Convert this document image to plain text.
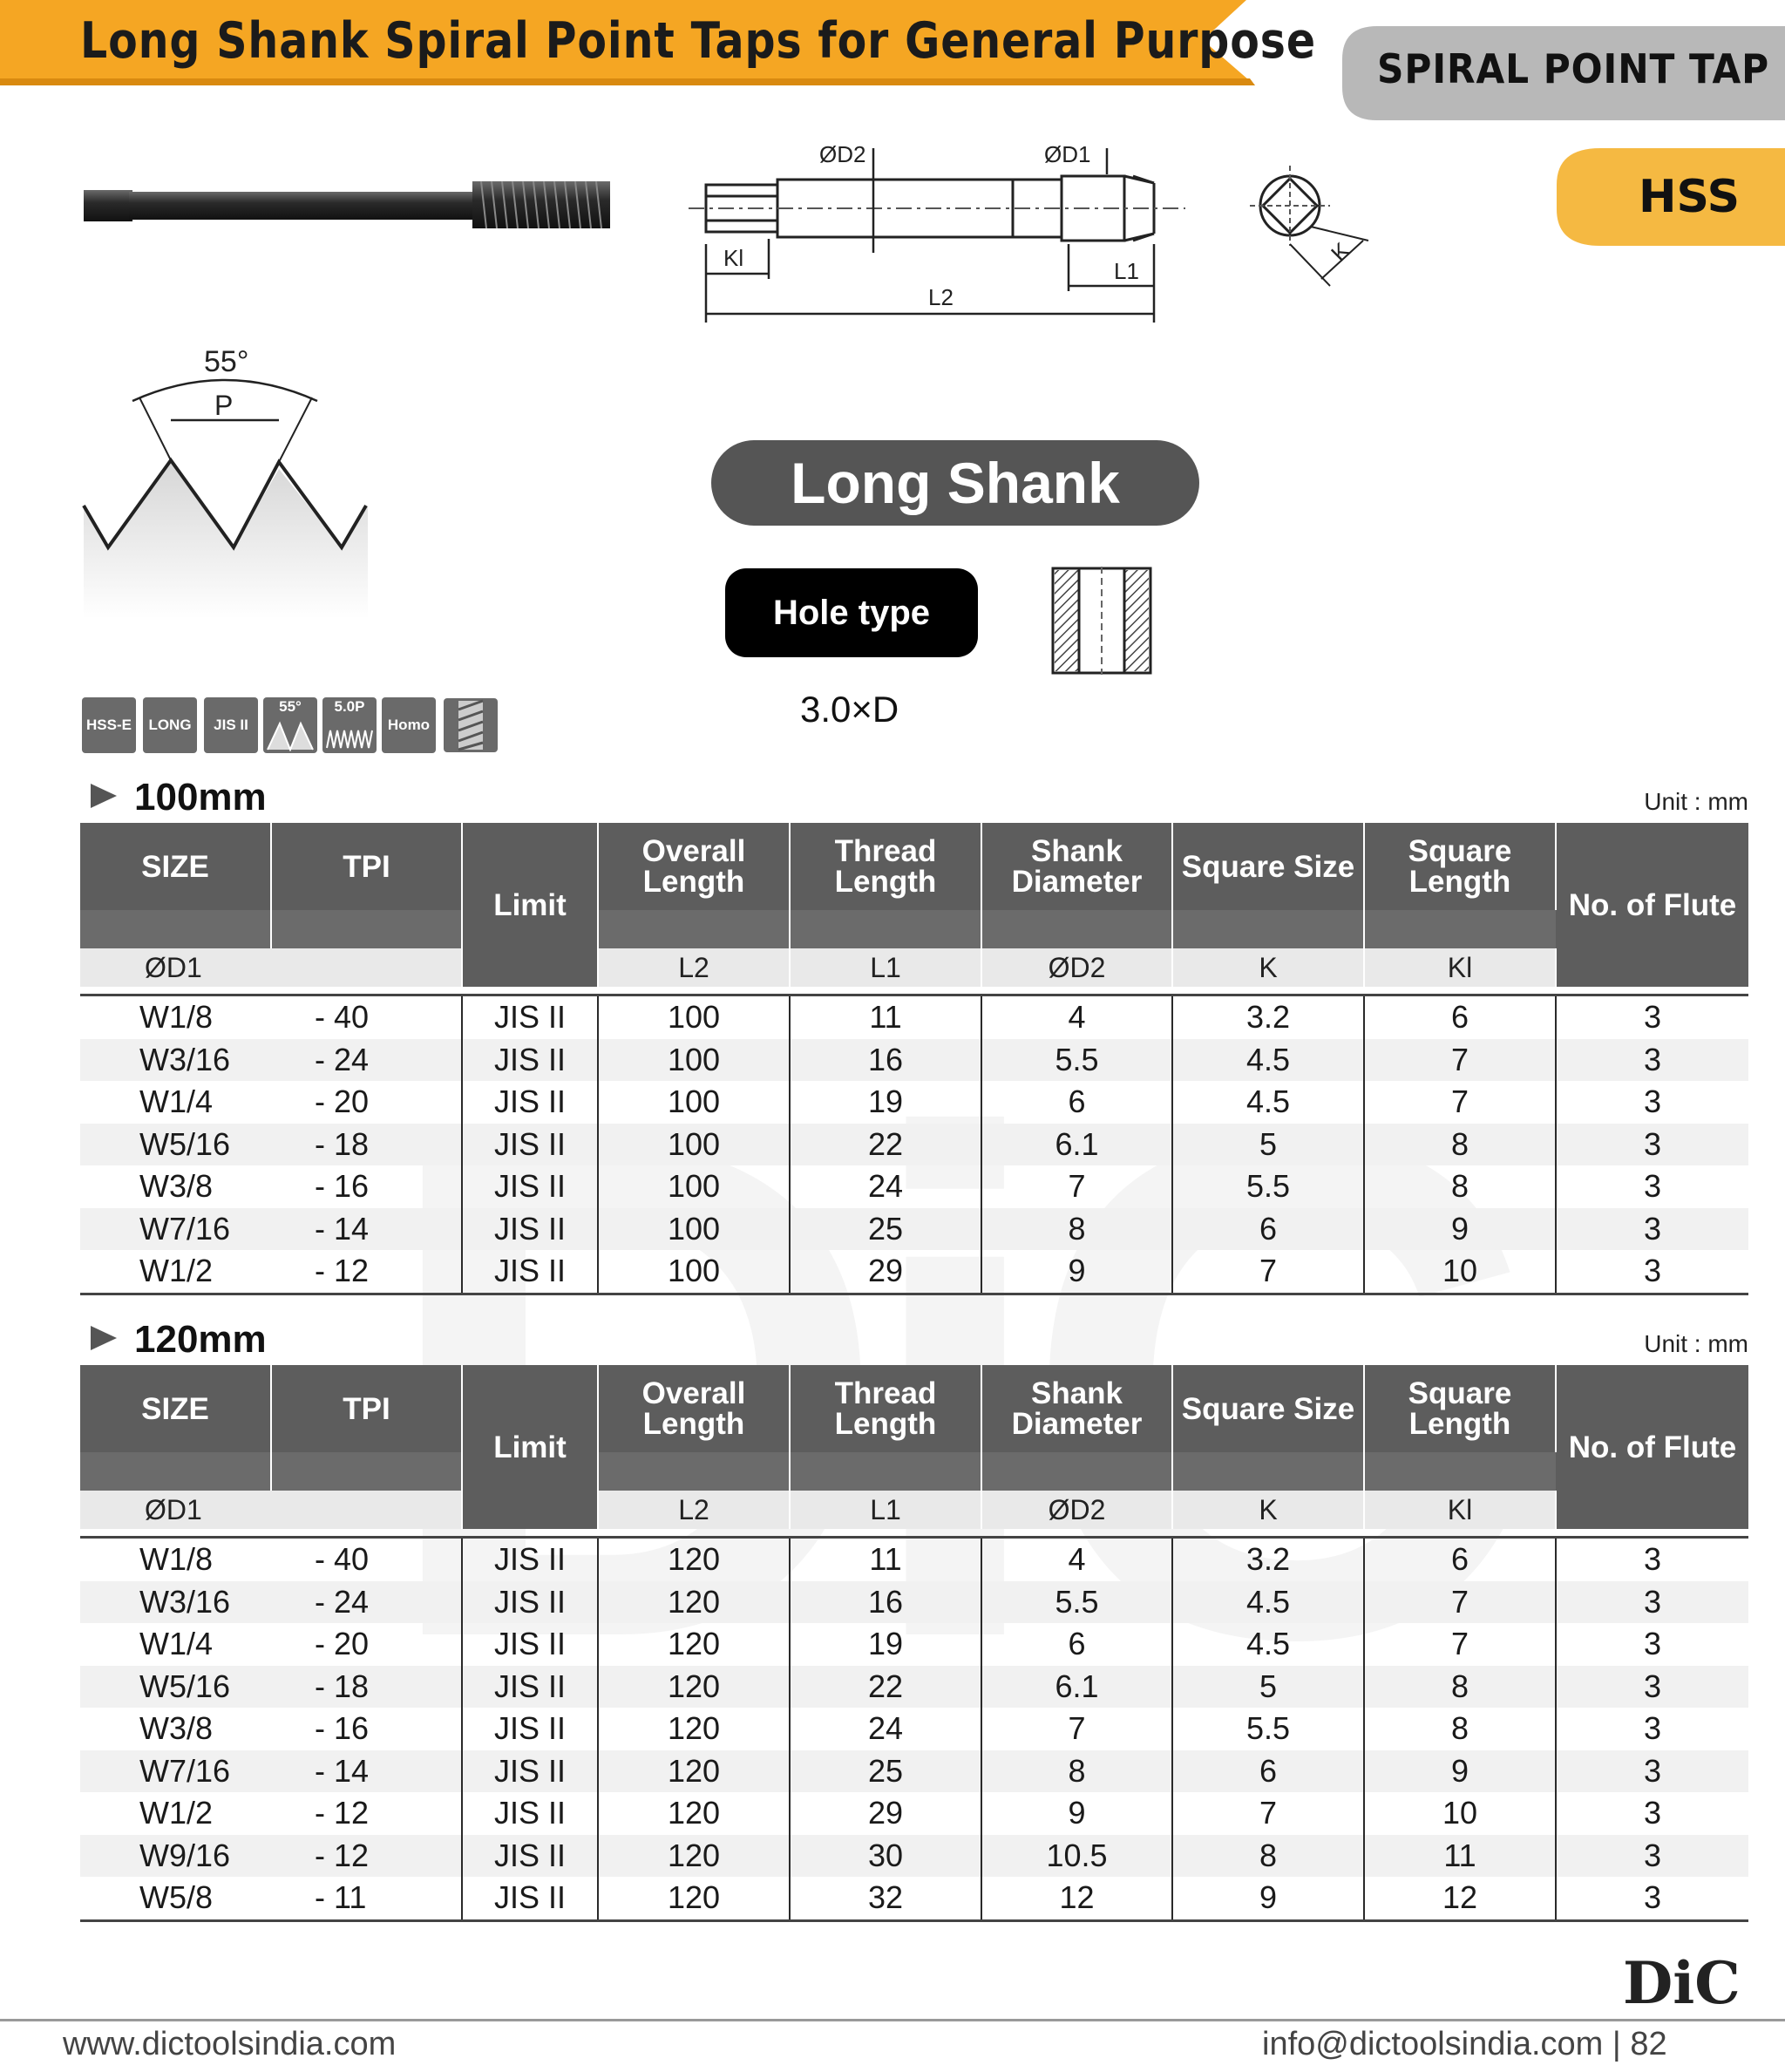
Long Shank Spiral Point Taps for General Purpose SPIRAL POINT TAP
HSS
ØD2	ØD1
Kl	L1
L2
K
55°
P
Long Shank
Hole type
3.0×D
HSS-E	LONG	JIS II
55°	5.0P
Homo
100mm	Unit : mm
SIZE	TPI	Limit	Overall Length	Thread Length	Shank Diameter	Square Size	Square Length	No. of Flute

ØD1			L2	L1	ØD2	K	Kl	

W1/8	- 40	JIS II	100	11	4	3.2	6	3
W3/16	- 24	JIS II	100	16	5.5	4.5	7	3
W1/4	- 20	JIS II	100	19	6	4.5	7	3
W5/16	- 18	JIS II	100	22	6.1	5	8	3
W3/8	- 16	JIS II	100	24	7	5.5	8	3
W7/16	- 14	JIS II	100	25	8	6	9	3
W1/2	- 12	JIS II	100	29	9	7	10	3

120mm	Unit : mm
SIZE	TPI	Limit	Overall Length	Thread Length	Shank Diameter	Square Size	Square Length	No. of Flute

ØD1			L2	L1	ØD2	K	Kl	

W1/8	- 40	JIS II	120	11	4	3.2	6	3
W3/16	- 24	JIS II	120	16	5.5	4.5	7	3
W1/4	- 20	JIS II	120	19	6	4.5	7	3
W5/16	- 18	JIS II	120	22	6.1	5	8	3
W3/8	- 16	JIS II	120	24	7	5.5	8	3
W7/16	- 14	JIS II	120	25	8	6	9	3
W1/2	- 12	JIS II	120	29	9	7	10	3
W9/16	- 12	JIS II	120	30	10.5	8	11	3
W5/8	- 11	JIS II	120	32	12	9	12	3

DiC
www.dictoolsindia.com	info@dictoolsindia.com | 82
